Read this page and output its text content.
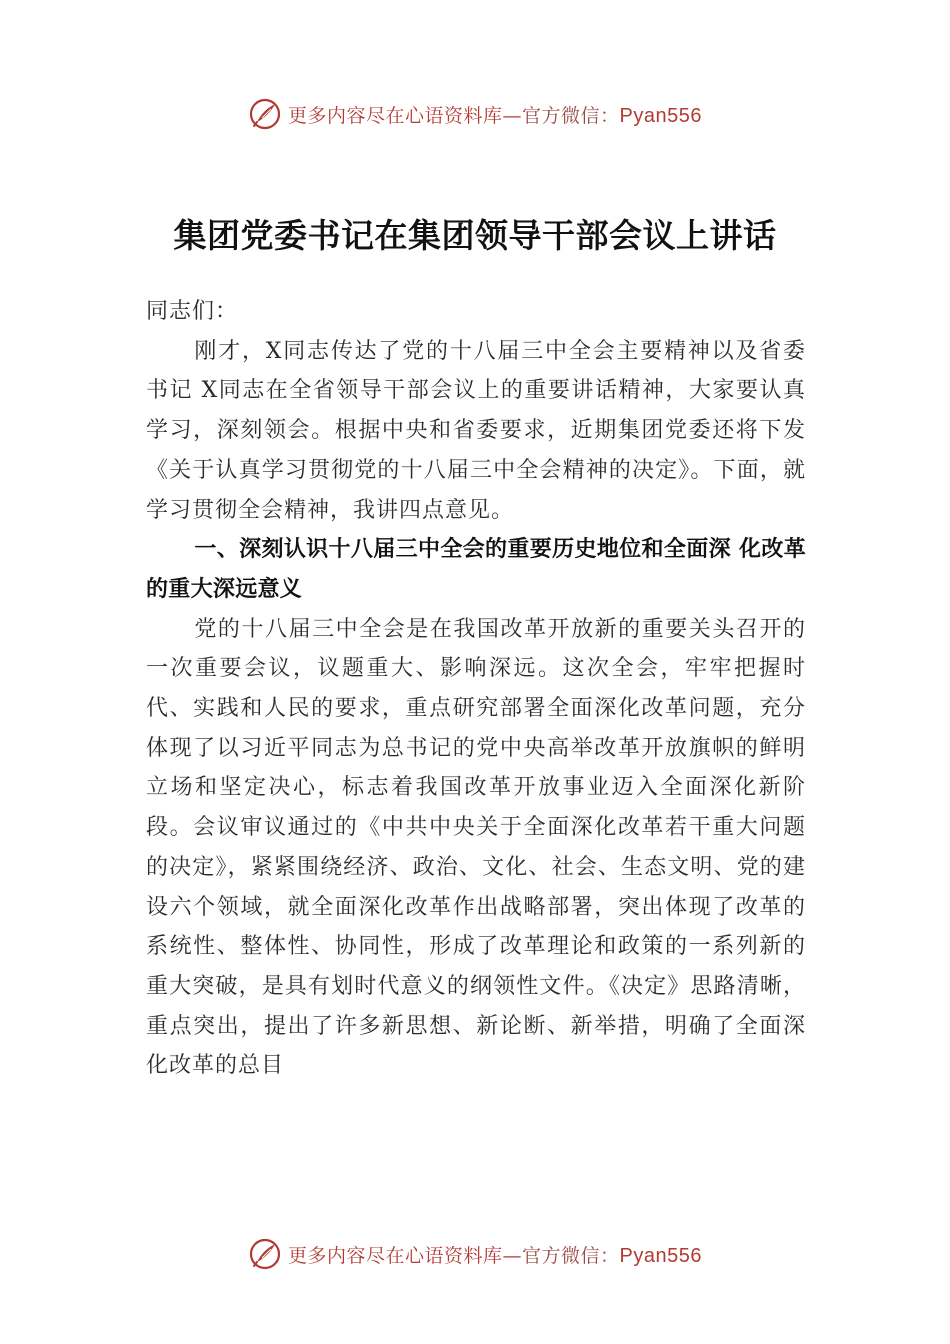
更多内容尽在心语资料库—官方微信：Pyan556
集团党委书记在集团领导干部会议上讲话

同志们：

刚才，X同志传达了党的十八届三中全会主要精神以及省委书记 X同志在全省领导干部会议上的重要讲话精神，大家要认真学习，深刻领会。根据中央和省委要求，近期集团党委还将下发《关于认真学习贯彻党的十八届三中全会精神的决定》。下面，就学习贯彻全会精神，我讲四点意见。

一、深刻认识十八届三中全会的重要历史地位和全面深 化改革的重大深远意义

党的十八届三中全会是在我国改革开放新的重要关头召开的一次重要会议，议题重大、影响深远。这次全会，牢牢把握时代、实践和人民的要求，重点研究部署全面深化改革问题，充分体现了以习近平同志为总书记的党中央高举改革开放旗帜的鲜明立场和坚定决心，标志着我国改革开放事业迈入全面深化新阶段。会议审议通过的《中共中央关于全面深化改革若干重大问题的决定》，紧紧围绕经济、政治、文化、社会、生态文明、党的建设六个领域，就全面深化改革作出战略部署，突出体现了改革的系统性、整体性、协同性，形成了改革理论和政策的一系列新的重大突破，是具有划时代意义的纲领性文件。《决定》思路清晰，重点突出，提出了许多新思想、新论断、新举措，明确了全面深化改革的总目

更多内容尽在心语资料库—官方微信：Pyan556
